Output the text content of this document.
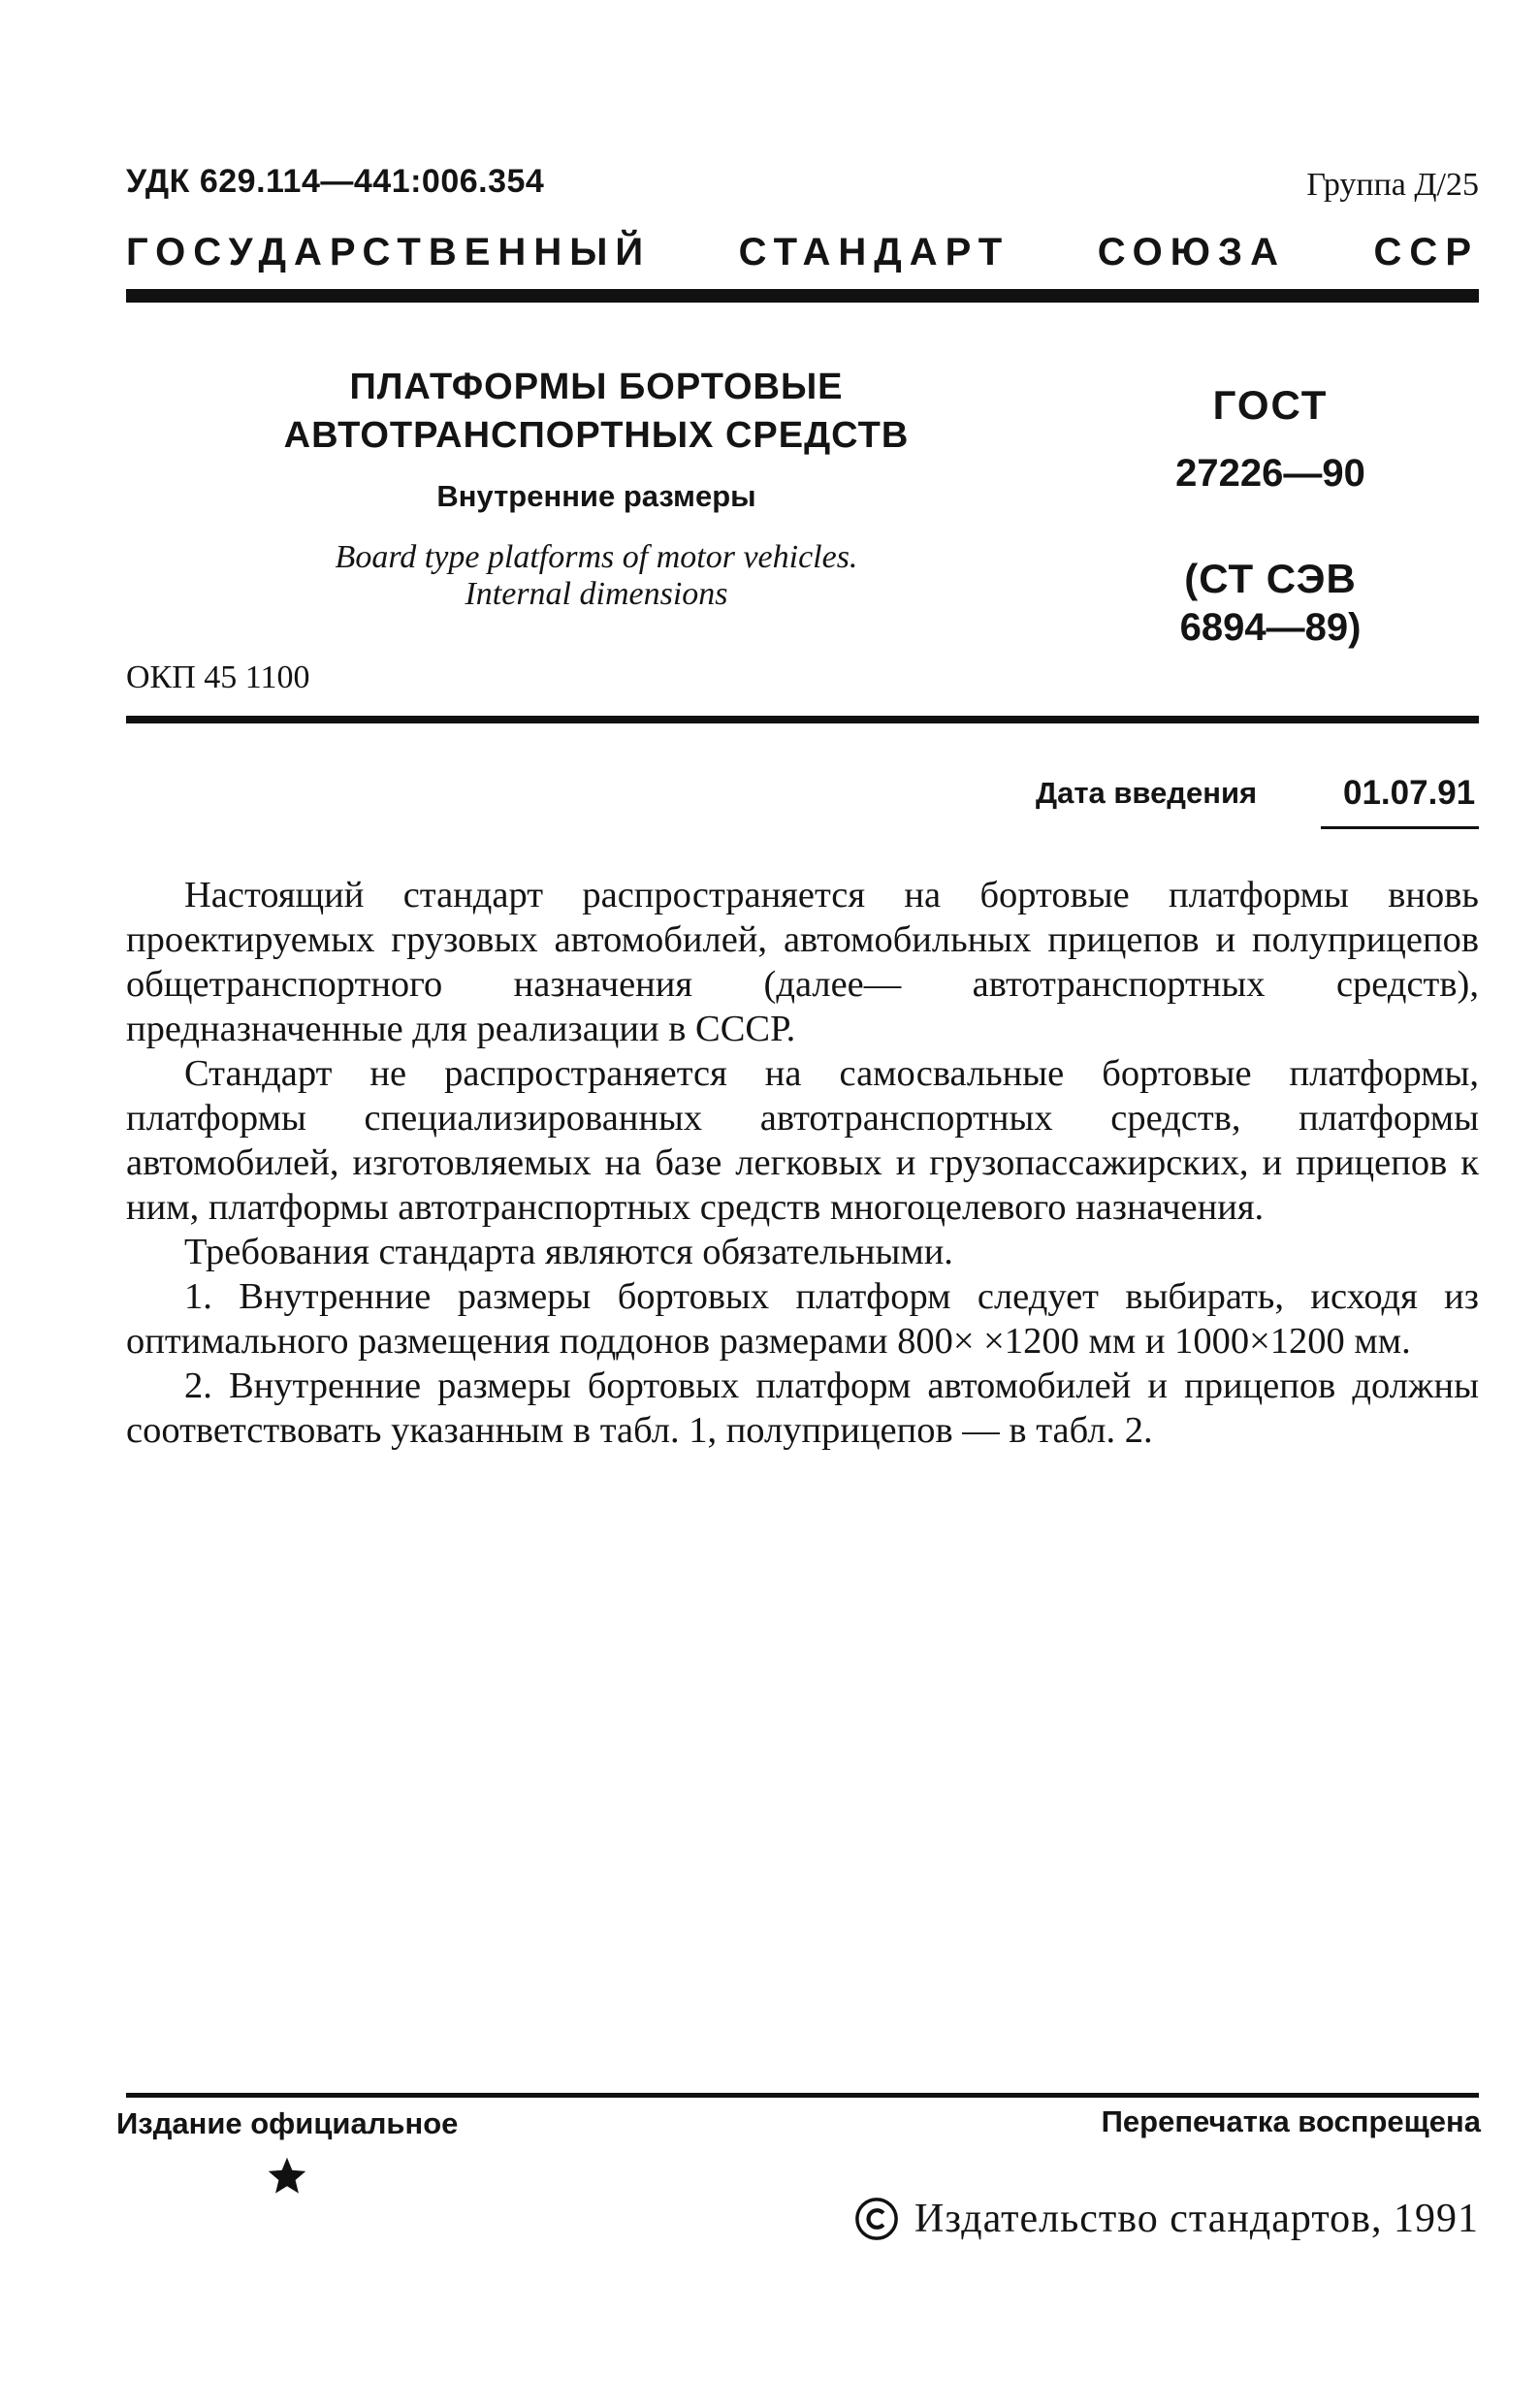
УДК 629.114—441:006.354	Группа Д/25
ГОСУДАРСТВЕННЫЙ СТАНДАРТ СОЮЗА ССР
ПЛАТФОРМЫ БОРТОВЫЕ
АВТОТРАНСПОРТНЫХ СРЕДСТВ
Внутренние размеры
Board type platforms of motor vehicles.
Internal dimensions
ГОСТ
27226—90
(СТ СЭВ
6894—89)
ОКП 45 1100
Дата введения	01.07.91

Настоящий стандарт распространяется на бортовые платформы вновь проектируемых грузовых автомобилей, автомобильных прицепов и полуприцепов общетранспортного назначения (далее— автотранспортных средств), предназначенные для реализации в СССР.

Стандарт не распространяется на самосвальные бортовые платформы, платформы специализированных автотранспортных средств, платформы автомобилей, изготовляемых на базе легковых и грузопассажирских, и прицепов к ним, платформы автотранспортных средств многоцелевого назначения.

Требования стандарта являются обязательными.

1. Внутренние размеры бортовых платформ следует выбирать, исходя из оптимального размещения поддонов размерами 800× ×1200 мм и 1000×1200 мм.

2. Внутренние размеры бортовых платформ автомобилей и прицепов должны соответствовать указанным в табл. 1, полуприцепов — в табл. 2.

Издание официальное	Перепечатка воспрещена
Издательство стандартов, 1991
